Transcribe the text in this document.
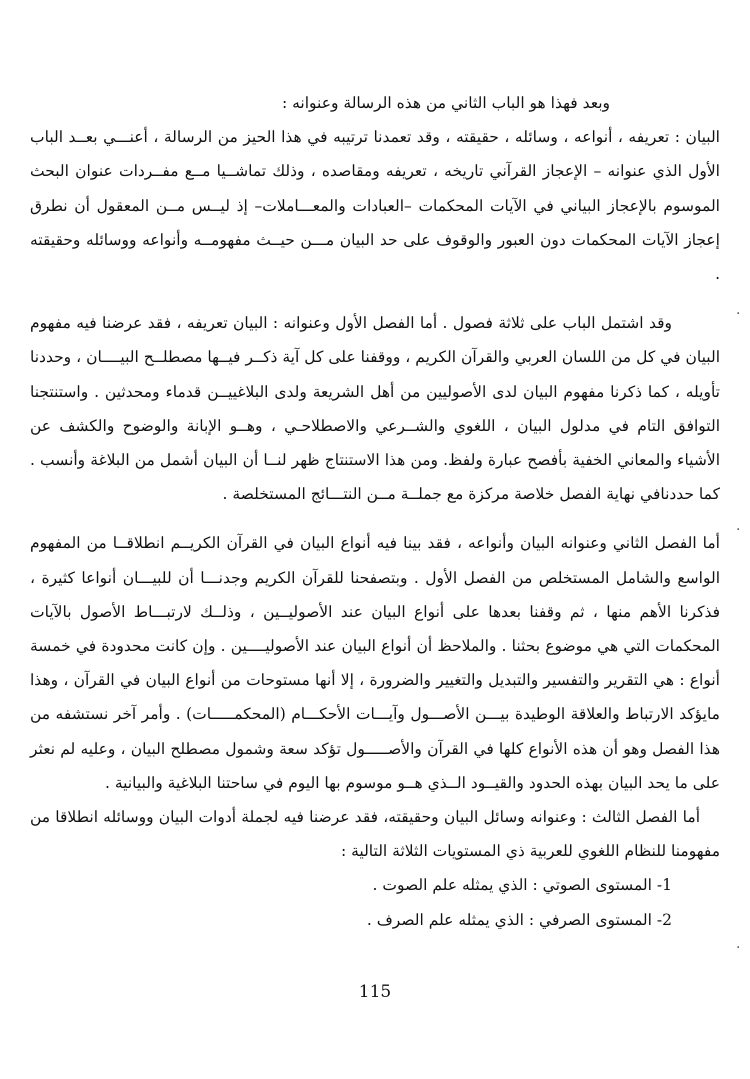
وبعد فهذا هو الباب الثاني من هذه الرسالة وعنوانه :

البيان : تعريفه ، أنواعه ، وسائله ، حقيقته ، وقد تعمدنا ترتيبه في هذا الحيز من الرسالة ، أعنـــي بعــد الباب الأول الذي عنوانه – الإعجاز القرآني تاريخه ، تعريفه ومقاصده ، وذلك تماشــيا مــع مفــردات عنوان البحث الموسوم بالإعجاز البياني في الآيات المحكمات –العبادات والمعـــاملات– إذ ليــس مــن المعقول أن نطرق إعجاز الآيات المحكمات دون العبور والوقوف على حد البيان مـــن حيــث مفهومــه وأنواعه ووسائله وحقيقته .

وقد اشتمل الباب على ثلاثة فصول . أما الفصل الأول وعنوانه : البيان تعريفه ، فقد عرضنا فيه مفهوم البيان في كل من اللسان العربي والقرآن الكريم ، ووقفنا على كل آية ذكــر فيــها مصطلــح البيــــان ، وحددنا تأويله ، كما ذكرنا مفهوم البيان لدى الأصوليين من أهل الشريعة ولدى البلاغييــن قدماء ومحدثين . واستنتجنا التوافق التام في مدلول البيان ، اللغوي والشــرعي والاصطلاحـي ، وهــو الإبانة والوضوح والكشف عن الأشياء والمعاني الخفية بأفصح عبارة ولفظ. ومن هذا الاستنتاج ظهر لنــا أن البيان أشمل من البلاغة وأنسب . كما حددنافي نهاية الفصل خلاصة مركزة مع جملــة مــن النتـــائج المستخلصة .

أما الفصل الثاني وعنوانه البيان وأنواعه ، فقد بينا فيه أنواع البيان في القرآن الكريــم انطلاقــا من المفهوم الواسع والشامل المستخلص من الفصل الأول . وبتصفحنا للقرآن الكريم وجدنـــا أن للبيـــان أنواعا كثيرة ، فذكرنا الأهم منها ، ثم وقفنا بعدها على أنواع البيان عند الأصوليــين ، وذلــك لارتبـــاط الأصول بالآيات المحكمات التي هي موضوع بحثنا . والملاحظ أن أنواع البيان عند الأصوليــــين . وإن كانت محدودة في خمسة أنواع : هي التقرير والتفسير والتبديل والتغيير والضرورة ، إلا أنها مستوحات من أنواع البيان في القرآن ، وهذا مايؤكد الارتباط والعلاقة الوطيدة بيـــن الأصـــول وآيـــات الأحكـــام (المحكمـــــات) . وأمر آخر نستشفه من هذا الفصل وهو أن هذه الأنواع كلها في القرآن والأصـــــول تؤكد سعة وشمول مصطلح البيان ، وعليه لم نعثر على ما يحد البيان بهذه الحدود والقيــود الــذي هــو موسوم بها اليوم في ساحتنا البلاغية والبيانية .

أما الفصل الثالث : وعنوانه وسائل البيان وحقيقته، فقد عرضنا فيه لجملة أدوات البيان ووسائله انطلاقا من مفهومنا للنظام اللغوي للعربية ذي المستويات الثلاثة التالية :

1- المستوى الصوتي : الذي يمثله علم الصوت .

2- المستوى الصرفي : الذي يمثله علم الصرف .

115
·
·
·
